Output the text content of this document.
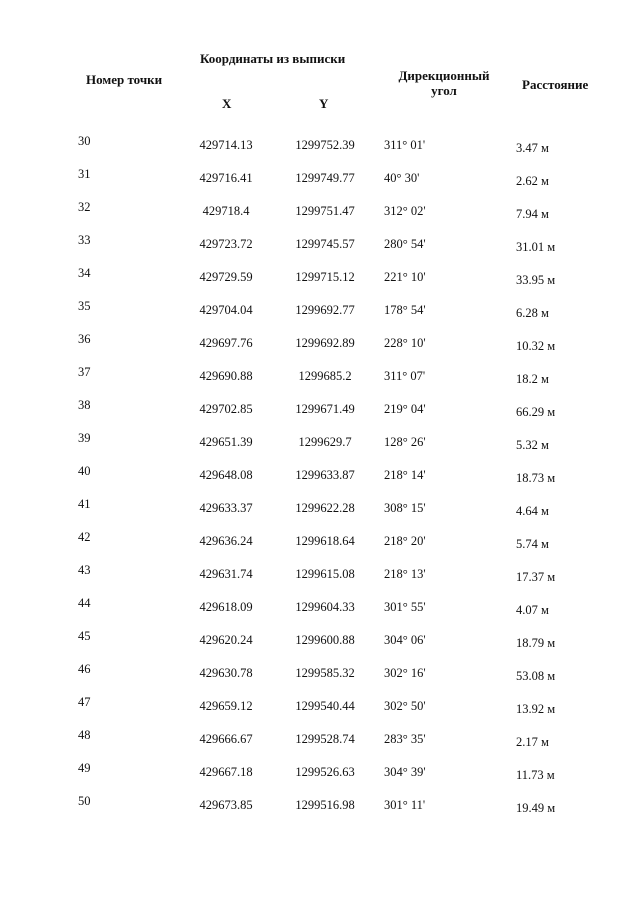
Номер точки
Координаты из выписки
X	Y
Дирекционный угол	Расстояние
30	429714.13	1299752.39	311° 01'	3.47 м
31	429716.41	1299749.77	40° 30'	2.62 м
32	429718.4	1299751.47	312° 02'	7.94 м
33	429723.72	1299745.57	280° 54'	31.01 м
34	429729.59	1299715.12	221° 10'	33.95 м
35	429704.04	1299692.77	178° 54'	6.28 м
36	429697.76	1299692.89	228° 10'	10.32 м
37	429690.88	1299685.2	311° 07'	18.2 м
38	429702.85	1299671.49	219° 04'	66.29 м
39	429651.39	1299629.7	128° 26'	5.32 м
40	429648.08	1299633.87	218° 14'	18.73 м
41	429633.37	1299622.28	308° 15'	4.64 м
42	429636.24	1299618.64	218° 20'	5.74 м
43	429631.74	1299615.08	218° 13'	17.37 м
44	429618.09	1299604.33	301° 55'	4.07 м
45	429620.24	1299600.88	304° 06'	18.79 м
46	429630.78	1299585.32	302° 16'	53.08 м
47	429659.12	1299540.44	302° 50'	13.92 м
48	429666.67	1299528.74	283° 35'	2.17 м
49	429667.18	1299526.63	304° 39'	11.73 м
50	429673.85	1299516.98	301° 11'	19.49 м
